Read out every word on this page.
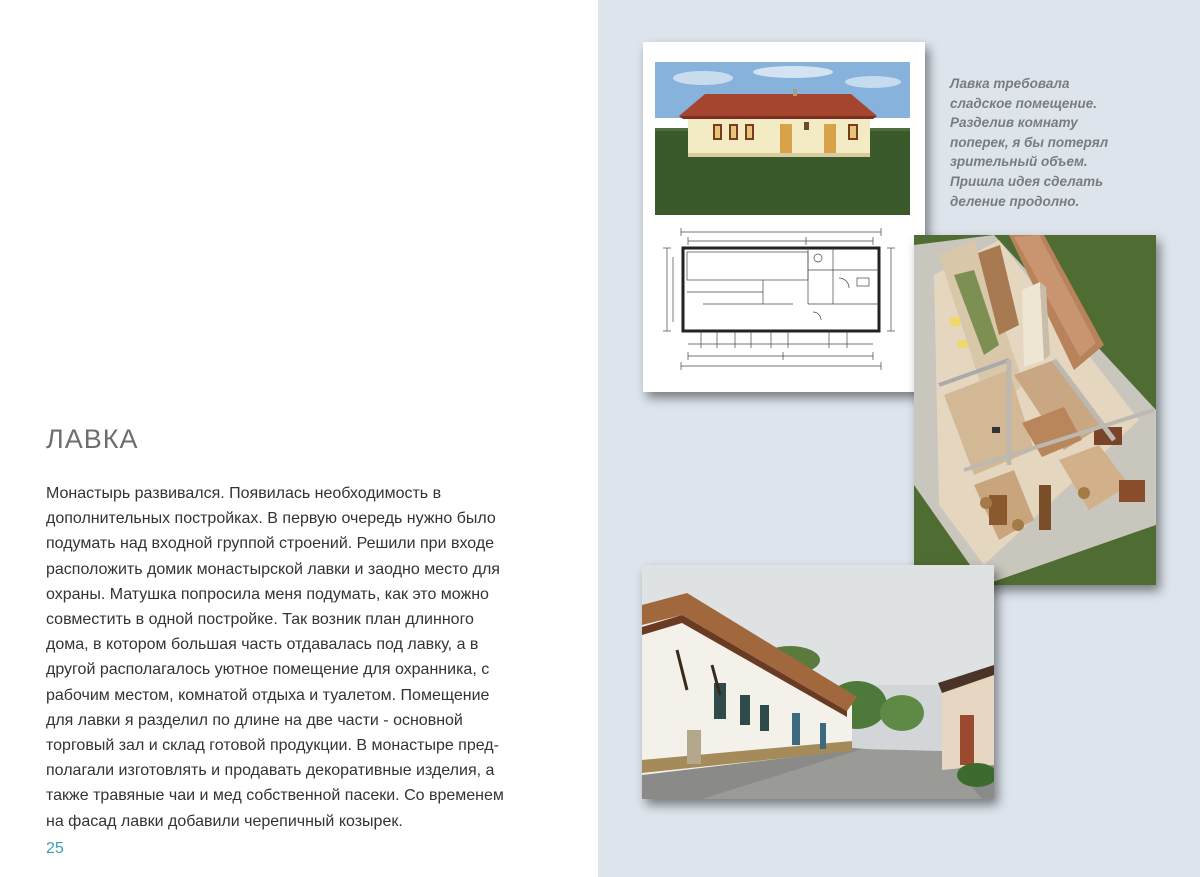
ЛАВКА
Монастырь развивался. Появилась необходимость в
дополнительных постройках. В первую очередь нужно было
подумать над входной группой строений. Решили при входе
расположить домик монастырской лавки и заодно место для
охраны. Матушка попросила меня подумать, как это можно
совместить в одной постройке. Так возник план длинного
дома, в котором большая часть отдавалась под лавку, а в
другой располагалось уютное помещение для охранника, с
рабочим местом, комнатой отдыха и туалетом. Помещение
для лавки я разделил по длине на две части - основной
торговый зал и склад готовой продукции. В монастыре пред-
полагали изготовлять и продавать декоративные изделия, а
также травяные чаи и мед собственной пасеки. Со временем
на фасад лавки добавили черепичный козырек.
25
Лавка требовала
сладское помещение.
Разделив комнату
поперек, я бы потерял
зрительный объем.
Пришла идея сделать
деление продолно.
